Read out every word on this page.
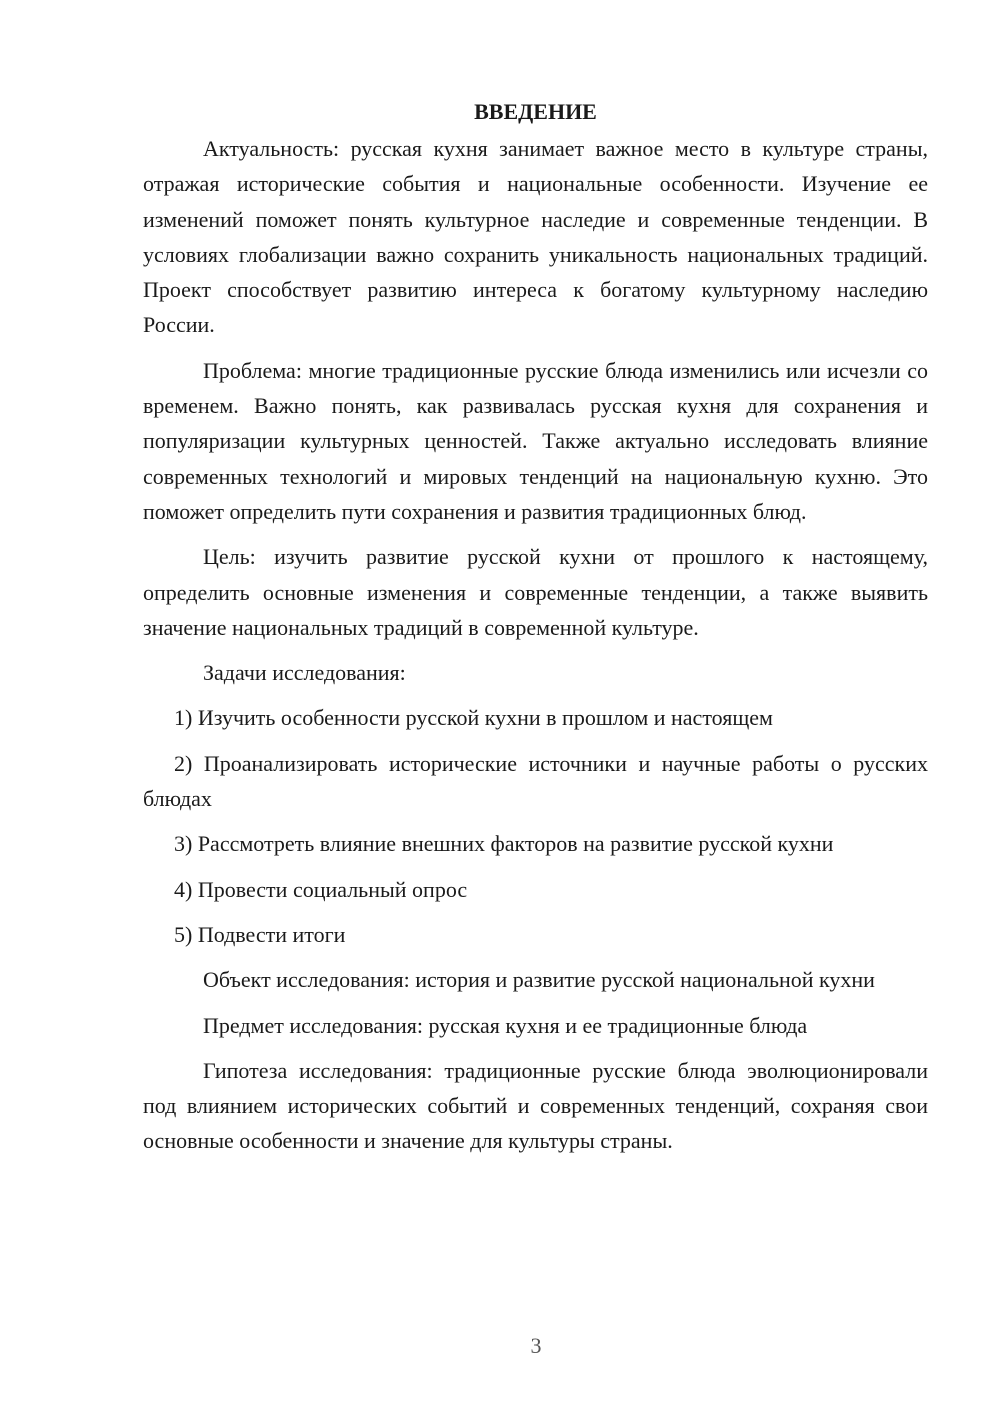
ВВЕДЕНИЕ

Актуальность: русская кухня занимает важное место в культуре страны, отражая исторические события и национальные особенности. Изучение ее изменений поможет понять культурное наследие и современные тенденции. В условиях глобализации важно сохранить уникальность национальных традиций. Проект способствует развитию интереса к богатому культурному наследию России.

Проблема: многие традиционные русские блюда изменились или исчезли со временем. Важно понять, как развивалась русская кухня для сохранения и популяризации культурных ценностей. Также актуально исследовать влияние современных технологий и мировых тенденций на национальную кухню. Это поможет определить пути сохранения и развития традиционных блюд.

Цель: изучить развитие русской кухни от прошлого к настоящему, определить основные изменения и современные тенденции, а также выявить значение национальных традиций в современной культуре.

Задачи исследования:

1) Изучить особенности русской кухни в прошлом и настоящем

2) Проанализировать исторические источники и научные работы о русских блюдах

3) Рассмотреть влияние внешних факторов на развитие русской кухни

4) Провести социальный опрос

5) Подвести итоги

Объект исследования: история и развитие русской национальной кухни

Предмет исследования: русская кухня и ее традиционные блюда

Гипотеза исследования: традиционные русские блюда эволюционировали под влиянием исторических событий и современных тенденций, сохраняя свои основные особенности и значение для культуры страны.

3
